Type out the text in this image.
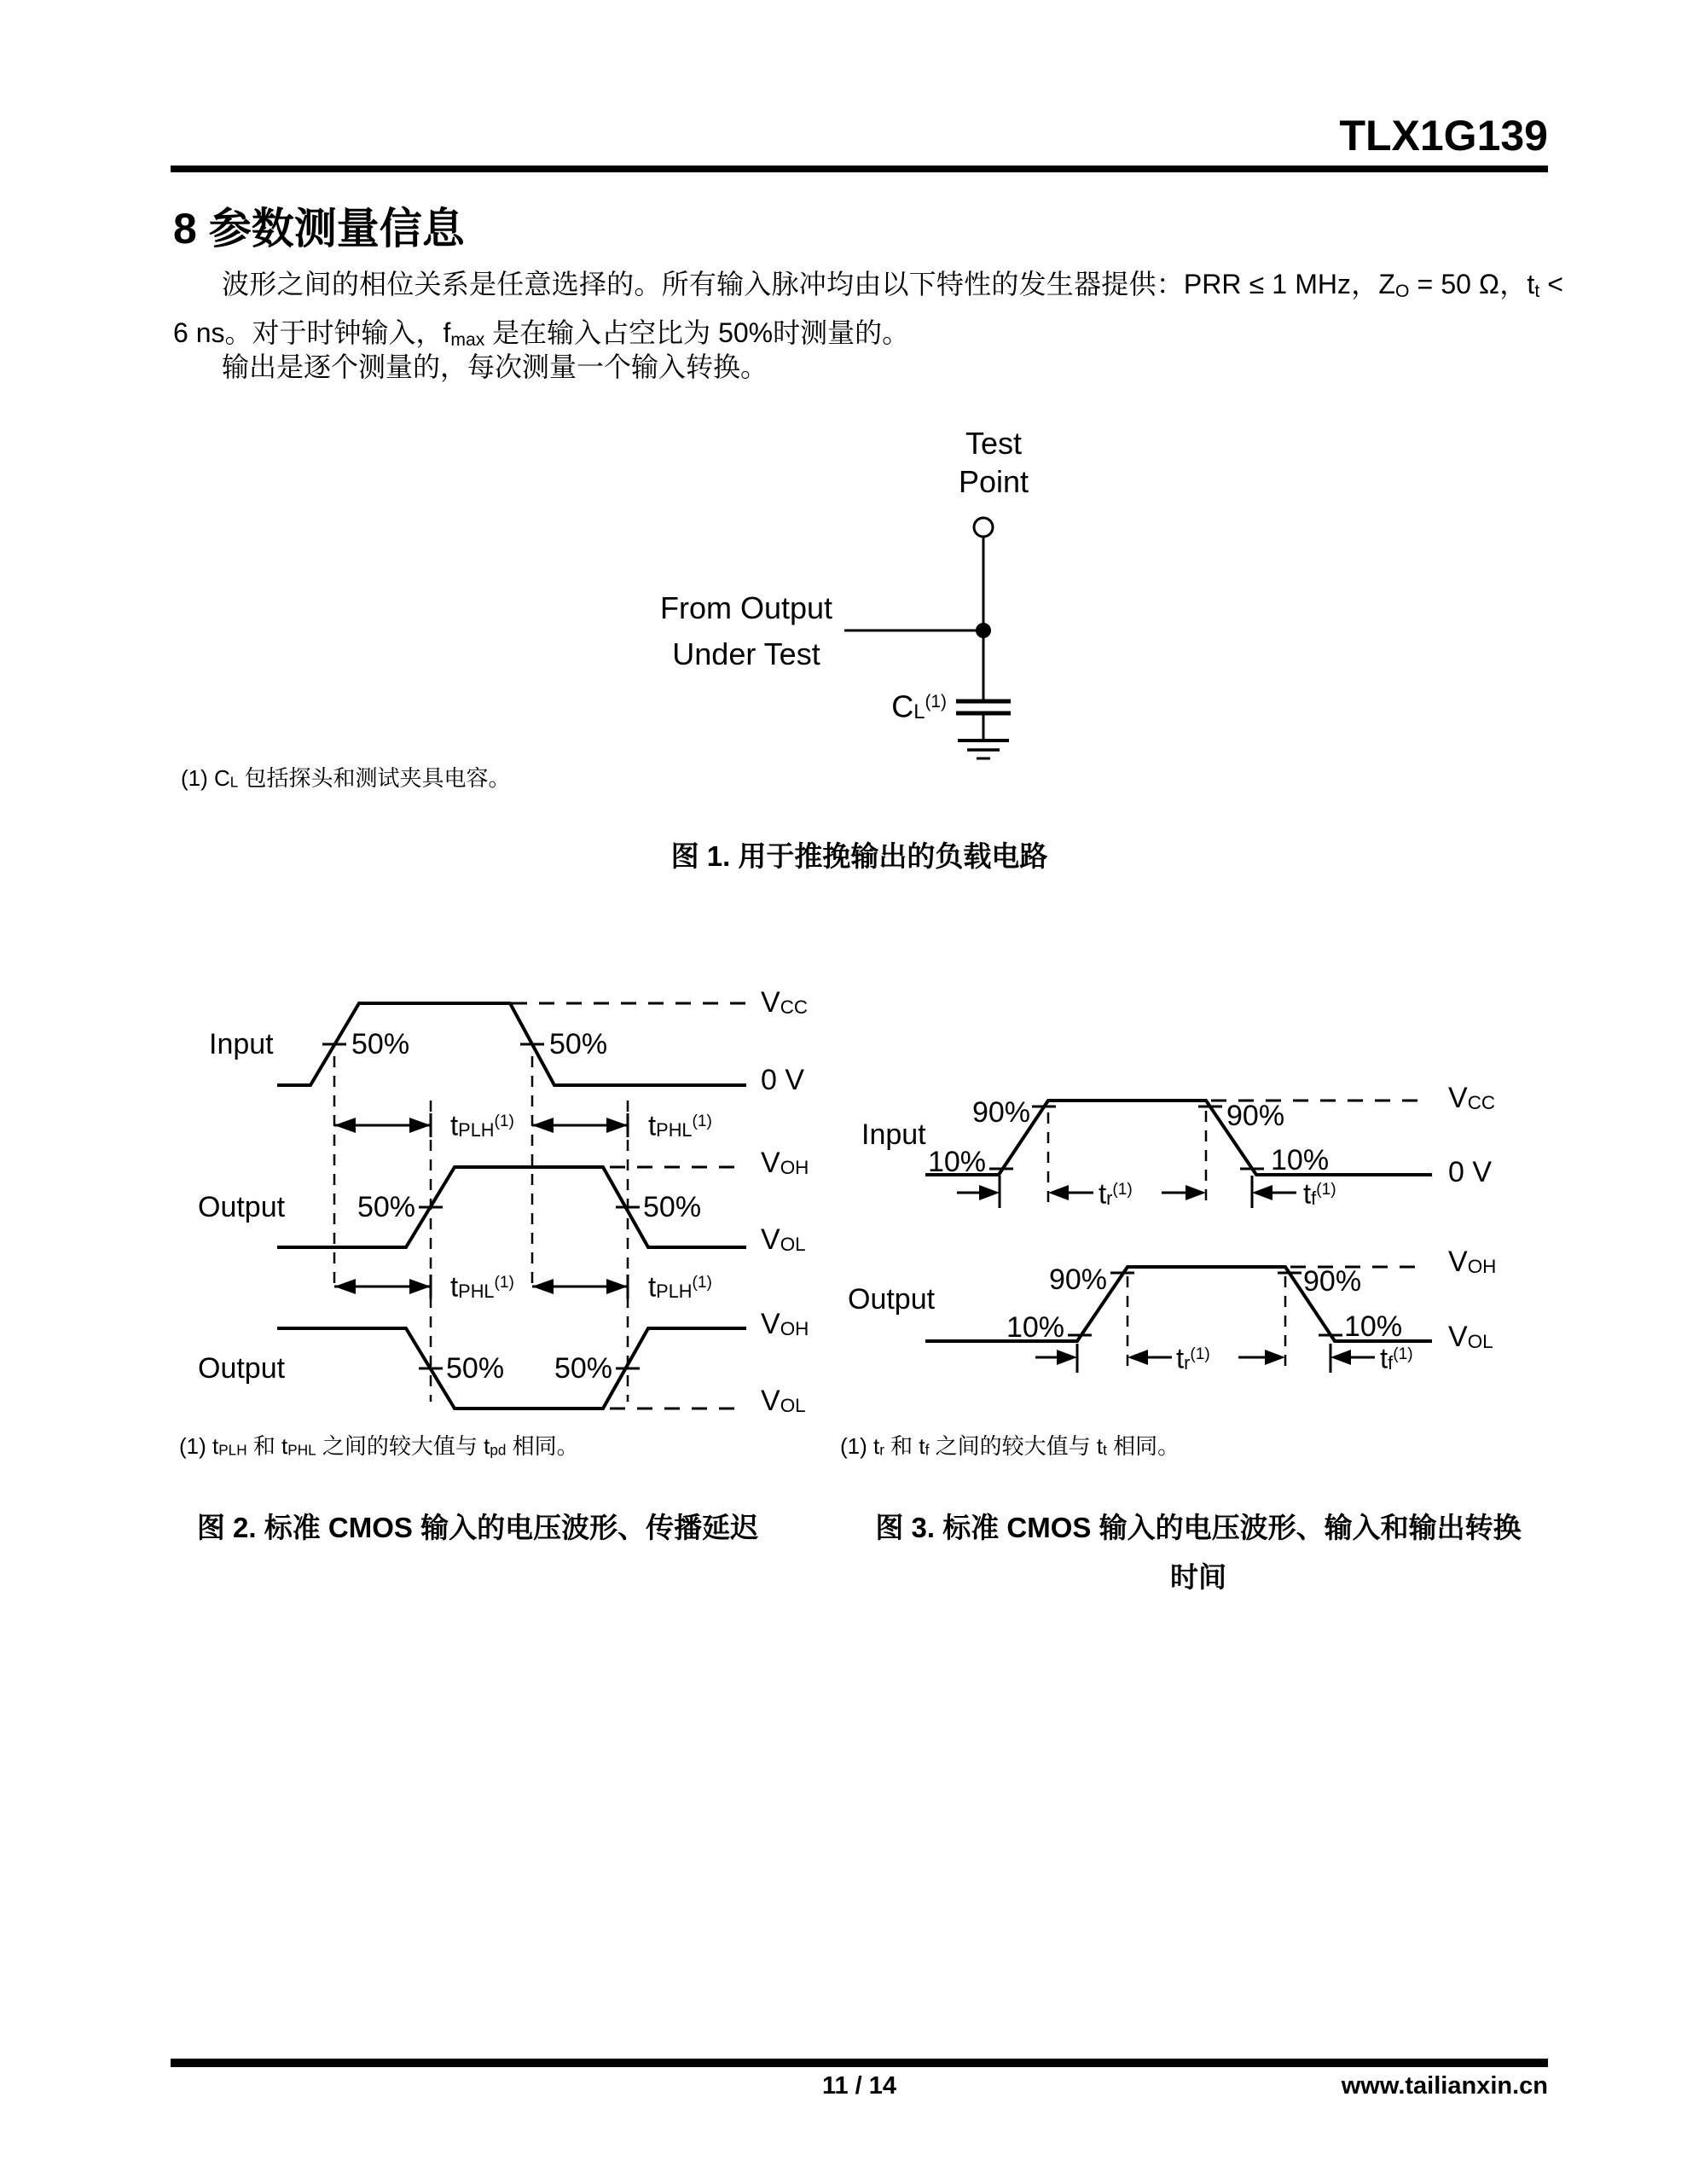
TLX1G139
8 参数测量信息
波形之间的相位关系是任意选择的。所有输入脉冲均由以下特性的发生器提供：PRR ≤ 1 MHz，ZO = 50 Ω，tt < 6 ns。对于时钟输入，fmax 是在输入占空比为 50%时测量的。
输出是逐个测量的，每次测量一个输入转换。
Test
Point
From Output
Under Test
CL$^{(1)}$
(1) CL 包括探头和测试夹具电容。
图 1. 用于推挽输出的负载电路
Input	50%	50%
VCC
0 V
tPLH$^{(1)}$	tPHL$^{(1)}$
Output 50%	50%
VOH
VOL
tPHL$^{(1)}$	tPLH$^{(1)}$
Output	50% 50%
VOH
VOL
Input
90%
10%
90%
10%
VCC
0 V
$tr^{(1)}$	$tf^{(1)}$
Output
90%
10%
90%
10%
VOH
VOL
$tr^{(1)}$	$tf^{(1)}$
(1) tPLH 和 tPHL 之间的较大值与 tpd 相同。	(1) tr 和 tf 之间的较大值与 tt 相同。
图 2. 标准 CMOS 输入的电压波形、传播延迟	图 3. 标准 CMOS 输入的电压波形、输入和输出转换
时间
11 / 14	www.tailianxin.cn
